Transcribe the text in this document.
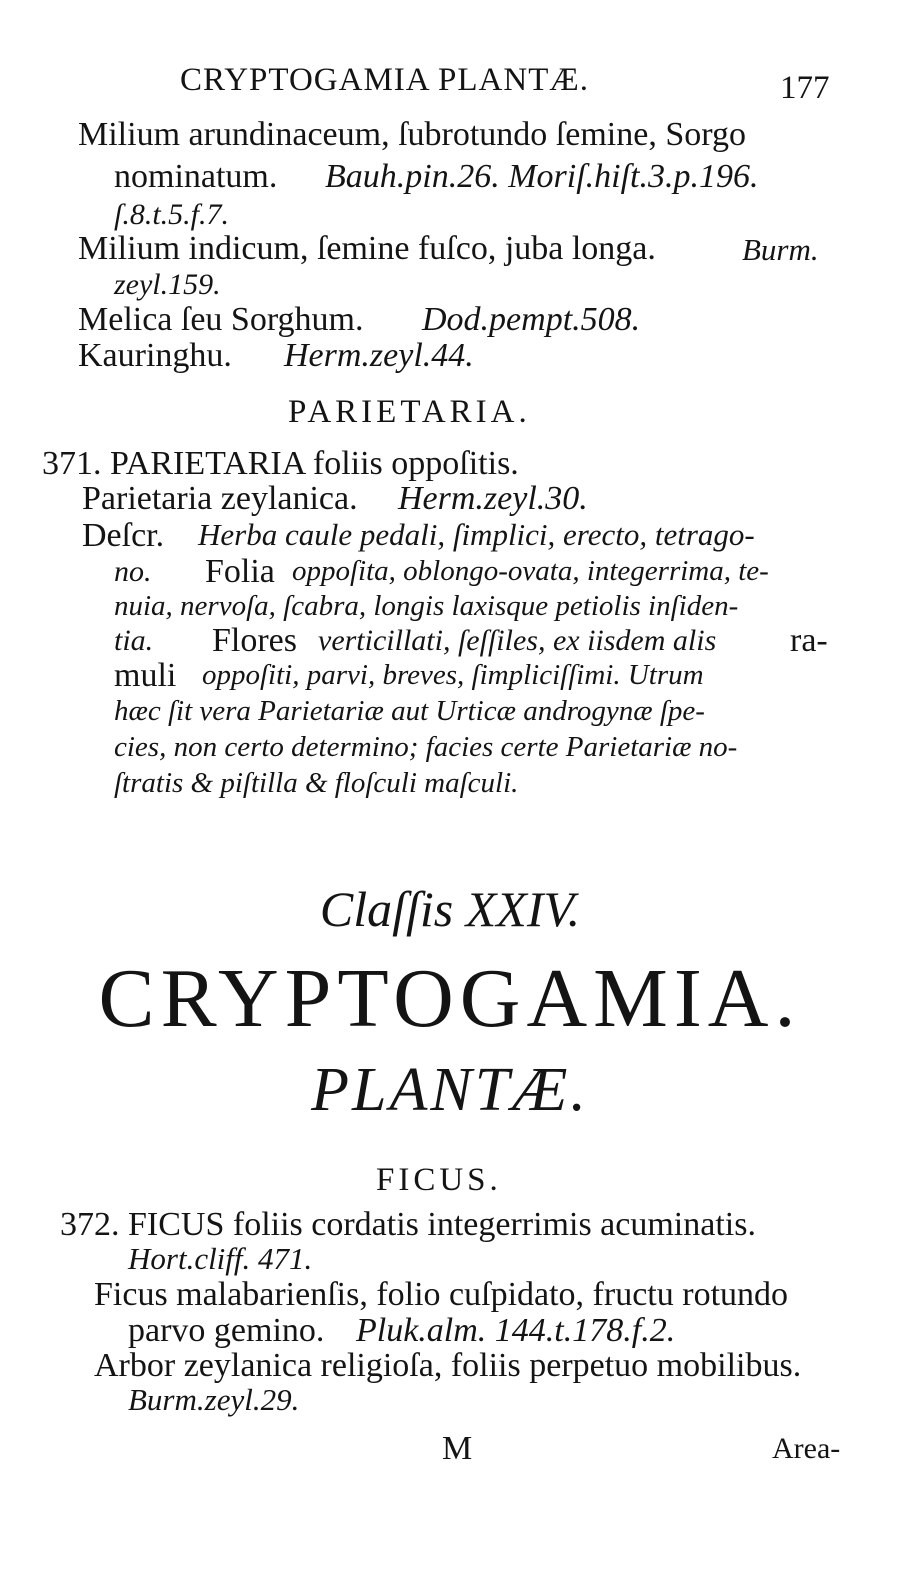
CRYPTOGAMIA PLANTÆ.	177
Milium arundinaceum, ſubrotundo ſemine, Sorgo
nominatum. Bauh.pin.26. Moriſ.hiſt.3.p.196.
ſ.8.t.5.f.7.
Milium indicum, ſemine fuſco, juba longa.	Burm.
zeyl.159.
Melica ſeu Sorghum. Dod.pempt.508.
Kauringhu. Herm.zeyl.44.
PARIETARIA.
371. PARIETARIA foliis oppoſitis.
Parietaria zeylanica. Herm.zeyl.30.
Deſcr. Herba caule pedali, ſimplici, erecto, tetrago-
no. Folia oppoſita, oblongo-ovata, integerrima, te-
nuia, nervoſa, ſcabra, longis laxisque petiolis inſiden-
tia. Flores verticillati, ſeſſiles, ex iisdem alis ra-
muli oppoſiti, parvi, breves, ſimpliciſſimi. Utrum
hæc ſit vera Parietariæ aut Urticæ androgynæ ſpe-
cies, non certo determino; facies certe Parietariæ no-
ſtratis & piſtilla & floſculi maſculi.
Claſſis XXIV.
CRYPTOGAMIA.
PLANTÆ.
FICUS.
372. FICUS foliis cordatis integerrimis acuminatis.
Hort.cliff. 471.
Ficus malabarienſis, folio cuſpidato, fructu rotundo
parvo gemino. Pluk.alm. 144.t.178.f.2.
Arbor zeylanica religioſa, foliis perpetuo mobilibus.
Burm.zeyl.29.
M	Area-
